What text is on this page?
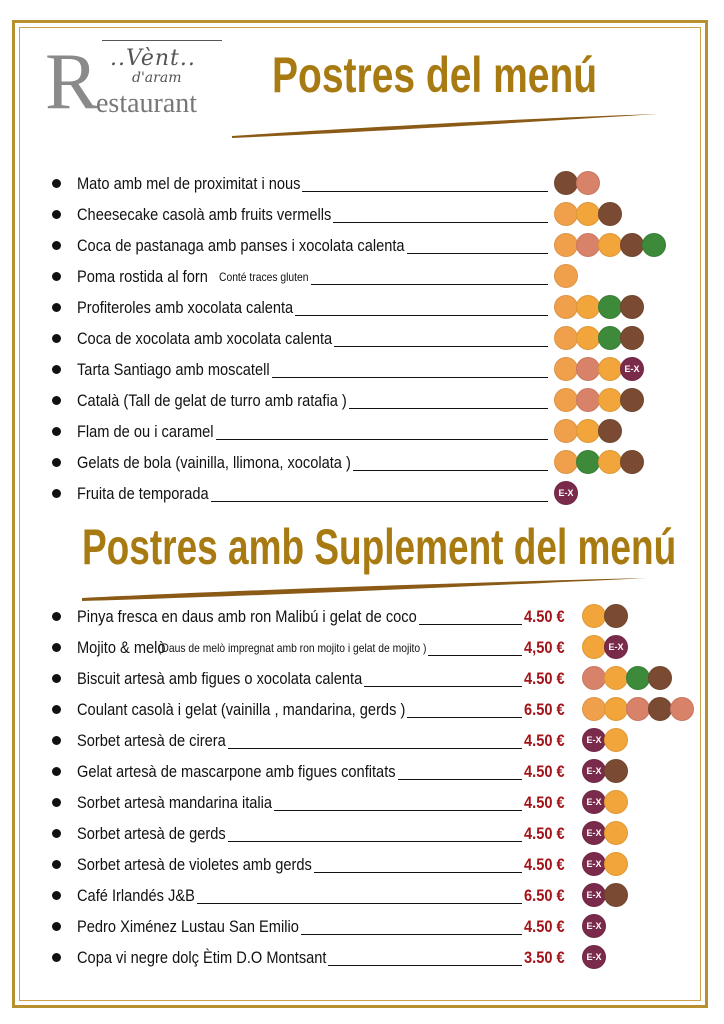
R ..Vènt..
d'aram
estaurant
Postres del menú
Mato amb mel de proximitat i nous
Cheesecake casolà amb fruits vermells
Coca de pastanaga amb panses i xocolata calenta
Poma rostida al forn Conté traces gluten
Profiteroles amb xocolata calenta
Coca de xocolata amb xocolata calenta
Tarta Santiago amb moscatell	E-X
Català (Tall de gelat de turro amb ratafia )
Flam de ou i caramel
Gelats de bola (vainilla, llimona, xocolata )
Fruita de temporada	E-X
Postres amb Suplement del menú
Pinya fresca en daus amb ron Malibú i gelat de coco	4.50 €
Mojito & melò
(Daus de melò impregnat amb ron mojito i gelat de mojito )	4,50 €	E-X
Biscuit artesà amb figues o xocolata calenta	4.50 €
Coulant casolà i gelat (vainilla , mandarina, gerds )	6.50 €
Sorbet artesà de cirera	4.50 € E-X
Gelat artesà de mascarpone amb figues confitats	4.50 € E-X
Sorbet artesà mandarina italia	4.50 € E-X
Sorbet artesà de gerds	4.50 € E-X
Sorbet artesà de violetes amb gerds	4.50 € E-X
Café Irlandés J&B	6.50 € E-X
Pedro Ximénez Lustau San Emilio	4.50 € E-X
Copa vi negre dolç Ètim D.O Montsant	3.50 € E-X
